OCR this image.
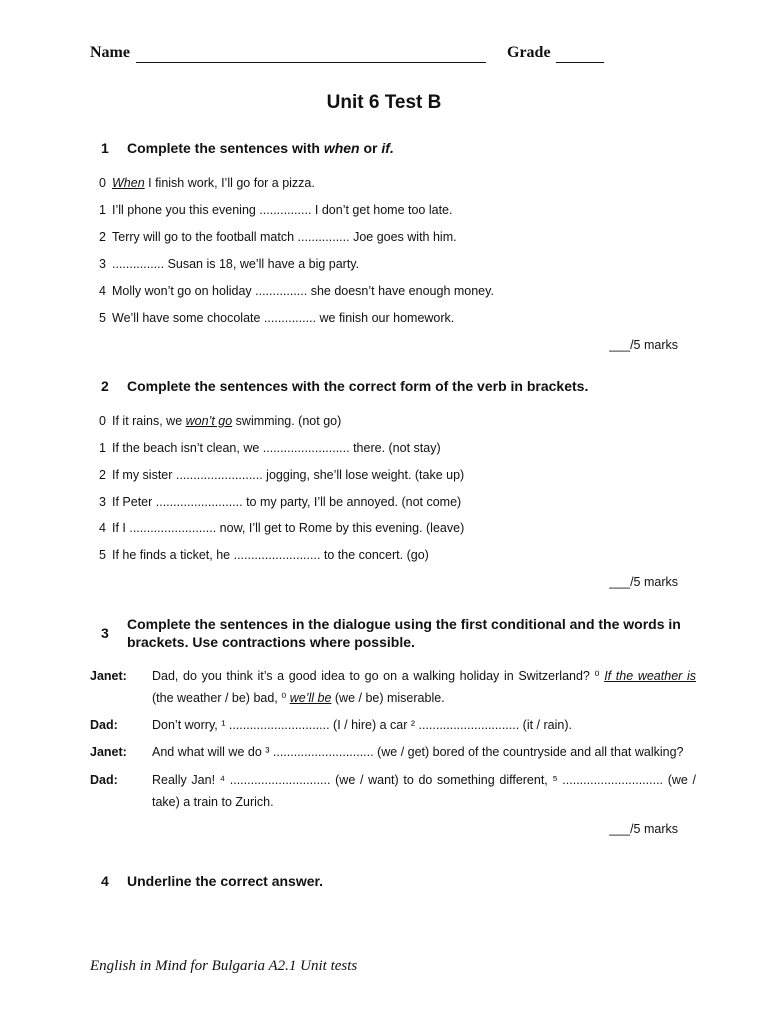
Name	Grade
Unit 6 Test B
1 Complete the sentences with when or if.
0 When I finish work, I’ll go for a pizza.
1 I’ll phone you this evening ............... I don’t get home too late.
2 Terry will go to the football match ............... Joe goes with him.
3 ............... Susan is 18, we’ll have a big party.
4 Molly won’t go on holiday ............... she doesn’t have enough money.
5 We’ll have some chocolate ............... we finish our homework.
___/5 marks
2 Complete the sentences with the correct form of the verb in brackets.
0 If it rains, we won’t go swimming. (not go)
1 If the beach isn’t clean, we ......................... there. (not stay)
2 If my sister ......................... jogging, she’ll lose weight. (take up)
3 If Peter ......................... to my party, I’ll be annoyed. (not come)
4 If I ......................... now, I’ll get to Rome by this evening. (leave)
5 If he finds a ticket, he ......................... to the concert. (go)
___/5 marks
3
Complete the sentences in the dialogue using the first conditional and the words in brackets. Use contractions where possible.
Janet: Dad, do you think it’s a good idea to go on a walking holiday in Switzerland? ⁰ If the weather is (the weather / be) bad, ⁰ we’ll be (we / be) miserable.
Dad:	Don’t worry, ¹ ............................. (I / hire) a car ² ............................. (it / rain).
Janet: And what will we do ³ ............................. (we / get) bored of the countryside and all that walking?
Dad:	Really Jan! ⁴ ............................. (we / want) to do something different, ⁵ ............................. (we / take) a train to Zurich.
___/5 marks
4 Underline the correct answer.
English in Mind for Bulgaria A2.1 Unit tests
